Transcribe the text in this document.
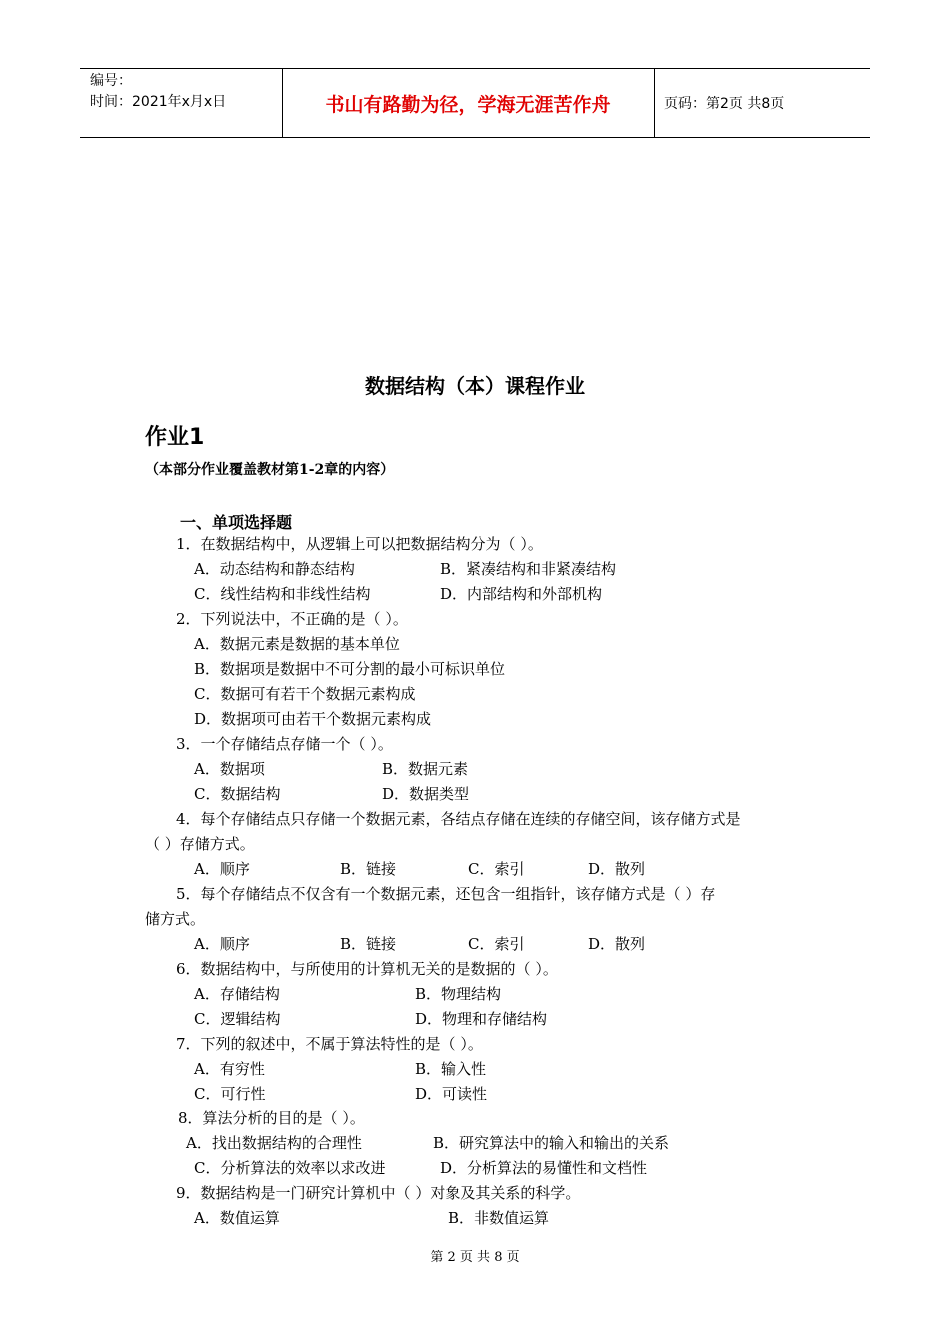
编号：
时间：2021年x月x日	书山有路勤为径，学海无涯苦作舟	页码：第2页 共8页
数据结构（本）课程作业
作业1
（本部分作业覆盖教材第1-2章的内容）
一、单项选择题
1．在数据结构中，从逻辑上可以把数据结构分为（ ）。
A．动态结构和静态结构	B．紧凑结构和非紧凑结构
C．线性结构和非线性结构	D．内部结构和外部机构
2．下列说法中，不正确的是（ ）。
A．数据元素是数据的基本单位
B．数据项是数据中不可分割的最小可标识单位
C．数据可有若干个数据元素构成
D．数据项可由若干个数据元素构成
3．一个存储结点存储一个（ ）。
A．数据项	B．数据元素
C．数据结构	D．数据类型
4．每个存储结点只存储一个数据元素，各结点存储在连续的存储空间，该存储方式是
（ ）存储方式。
A．顺序	B．链接	C．索引	D．散列
5．每个存储结点不仅含有一个数据元素，还包含一组指针，该存储方式是（ ）存
储方式。
A．顺序	B．链接	C．索引	D．散列
6．数据结构中，与所使用的计算机无关的是数据的（ ）。
A．存储结构	B．物理结构
C．逻辑结构	D．物理和存储结构
7．下列的叙述中，不属于算法特性的是（ ）。
A．有穷性	B．输入性
C．可行性	D．可读性
8．算法分析的目的是（ ）。
A．找出数据结构的合理性	B．研究算法中的输入和输出的关系
C．分析算法的效率以求改进	D．分析算法的易懂性和文档性
9．数据结构是一门研究计算机中（ ）对象及其关系的科学。
A．数值运算	B．非数值运算
第 2 页 共 8 页
